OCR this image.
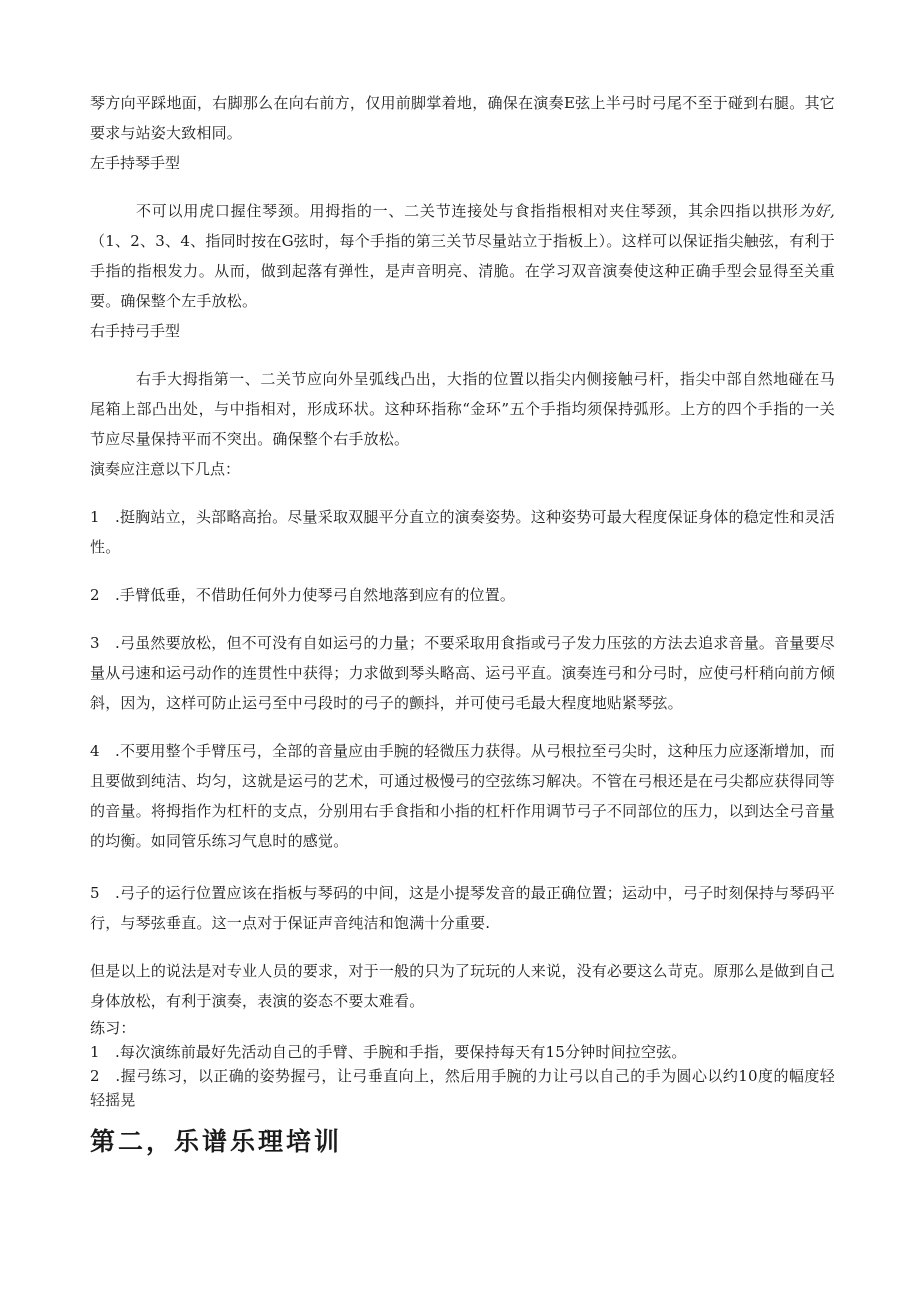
琴方向平踩地面，右脚那么在向右前方，仅用前脚掌着地，确保在演奏E弦上半弓时弓尾不至于碰到右腿。其它要求与站姿大致相同。

左手持琴手型

不可以用虎口握住琴颈。用拇指的一、二关节连接处与食指指根相对夹住琴颈，其余四指以拱形为好,（1、2、3、4、指同时按在G弦时，每个手指的第三关节尽量站立于指板上）。这样可以保证指尖触弦，有利于手指的指根发力。从而，做到起落有弹性，是声音明亮、清脆。在学习双音演奏使这种正确手型会显得至关重要。确保整个左手放松。

右手持弓手型

右手大拇指第一、二关节应向外呈弧线凸出，大指的位置以指尖内侧接触弓杆，指尖中部自然地碰在马尾箱上部凸出处，与中指相对，形成环状。这种环指称“金环”五个手指均须保持弧形。上方的四个手指的一关节应尽量保持平而不突出。确保整个右手放松。

演奏应注意以下几点：

1　.挺胸站立，头部略高抬。尽量采取双腿平分直立的演奏姿势。这种姿势可最大程度保证身体的稳定性和灵活性。

2　.手臂低垂，不借助任何外力使琴弓自然地落到应有的位置。

3　.弓虽然要放松，但不可没有自如运弓的力量；不要采取用食指或弓子发力压弦的方法去追求音量。音量要尽量从弓速和运弓动作的连贯性中获得；力求做到琴头略高、运弓平直。演奏连弓和分弓时，应使弓杆稍向前方倾斜，因为，这样可防止运弓至中弓段时的弓子的颤抖，并可使弓毛最大程度地贴紧琴弦。

4　.不要用整个手臂压弓，全部的音量应由手腕的轻微压力获得。从弓根拉至弓尖时，这种压力应逐渐增加，而且要做到纯洁、均匀，这就是运弓的艺术，可通过极慢弓的空弦练习解决。不管在弓根还是在弓尖都应获得同等的音量。将拇指作为杠杆的支点，分别用右手食指和小指的杠杆作用调节弓子不同部位的压力，以到达全弓音量的均衡。如同管乐练习气息时的感觉。

5　.弓子的运行位置应该在指板与琴码的中间，这是小提琴发音的最正确位置；运动中，弓子时刻保持与琴码平行，与琴弦垂直。这一点对于保证声音纯洁和饱满十分重要.

但是以上的说法是对专业人员的要求，对于一般的只为了玩玩的人来说，没有必要这么苛克。原那么是做到自己身体放松，有利于演奏，表演的姿态不要太难看。

练习：

1　.每次演练前最好先活动自己的手臂、手腕和手指，要保持每天有15分钟时间拉空弦。

2　.握弓练习，以正确的姿势握弓，让弓垂直向上，然后用手腕的力让弓以自己的手为圆心以约10度的幅度轻轻摇晃

第二，乐谱乐理培训
